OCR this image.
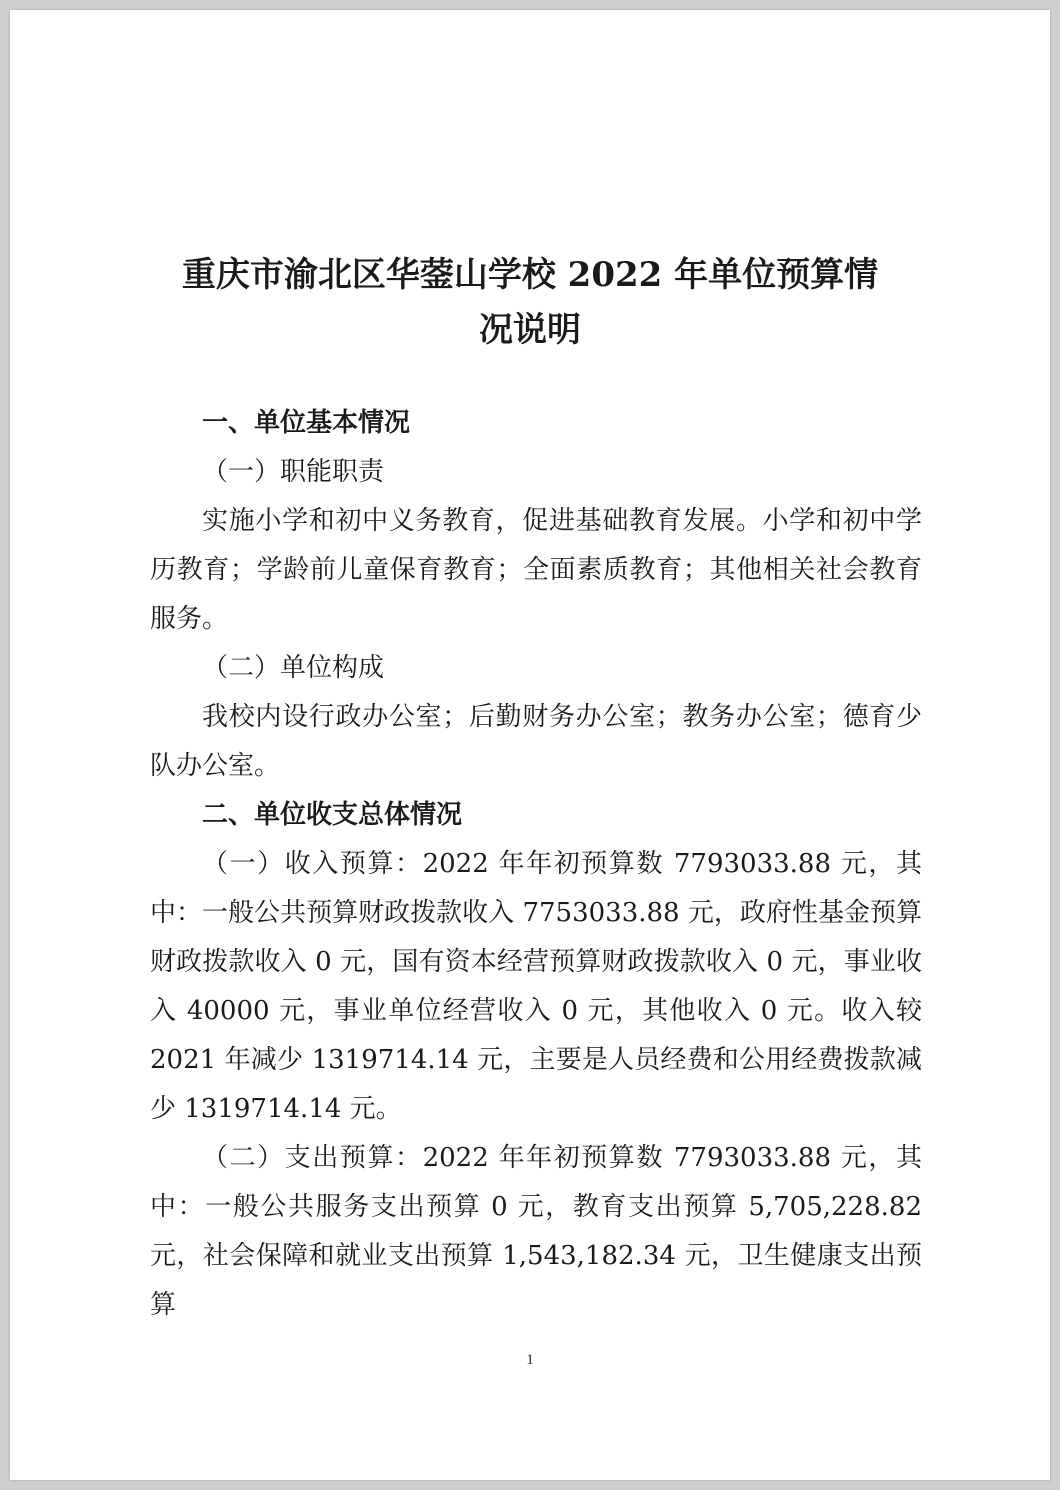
重庆市渝北区华蓥山学校 2022 年单位预算情
况说明

一、单位基本情况

（一）职能职责

实施小学和初中义务教育，促进基础教育发展。小学和初中学历教育；学龄前儿童保育教育；全面素质教育；其他相关社会教育服务。

（二）单位构成

我校内设行政办公室；后勤财务办公室；教务办公室；德育少队办公室。

二、单位收支总体情况

（一）收入预算：2022 年年初预算数 7793033.88 元，其中：一般公共预算财政拨款收入 7753033.88 元，政府性基金预算财政拨款收入 0 元，国有资本经营预算财政拨款收入 0 元，事业收入 40000 元，事业单位经营收入 0 元，其他收入 0 元。收入较 2021 年减少 1319714.14 元，主要是人员经费和公用经费拨款减少 1319714.14 元。

（二）支出预算：2022 年年初预算数 7793033.88 元，其中：一般公共服务支出预算 0 元，教育支出预算 5,705,228.82 元，社会保障和就业支出预算 1,543,182.34 元，卫生健康支出预算

1
